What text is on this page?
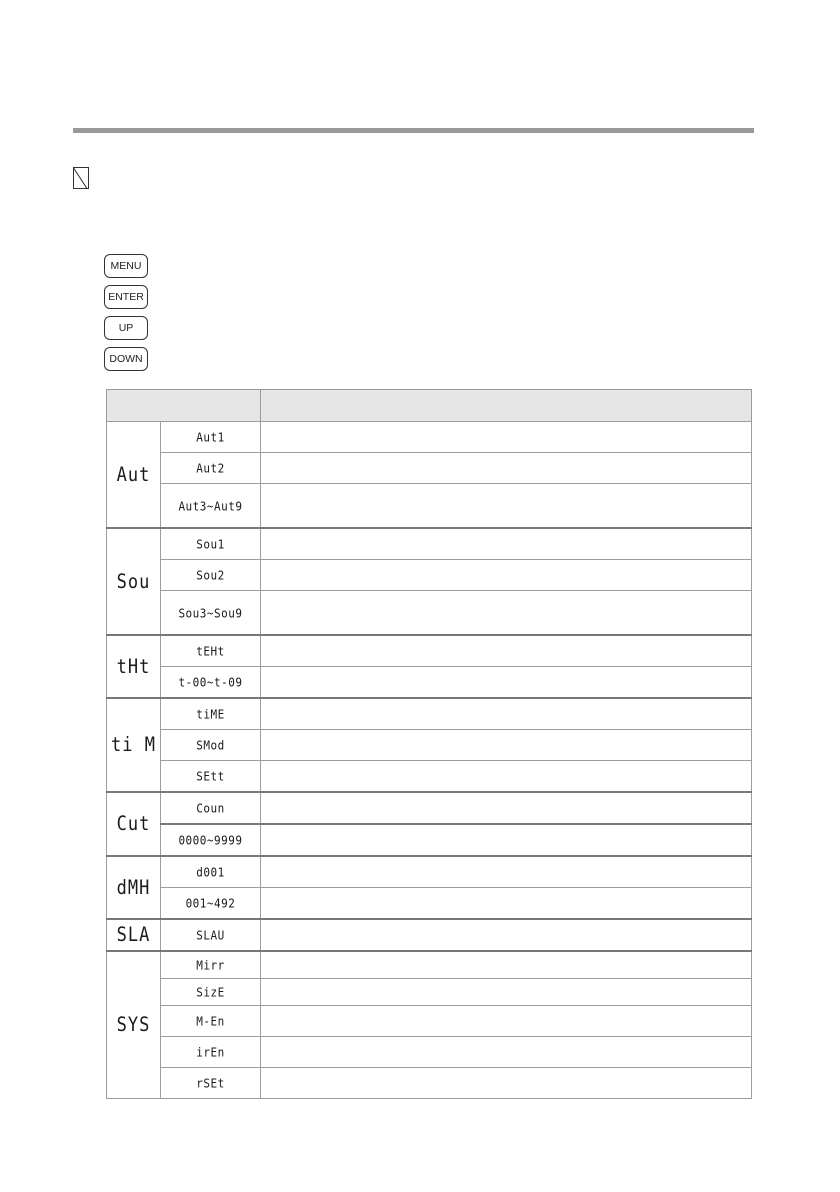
MENU
ENTER
UP
DOWN

Aut	Aut1	
	Aut2	
	Aut3~Aut9	
Sou	Sou1	
	Sou2	
	Sou3~Sou9	
tHt	tEHt	
	t-00~t-09	
ti M	tiME	
	SMod	
	SEtt	
Cut	Coun	
	0000~9999	
dMH	d001	
	001~492	
SLA	SLAU	
SYS	Mirr	
	SizE	
	M-En	
	irEn	
	rSEt	
